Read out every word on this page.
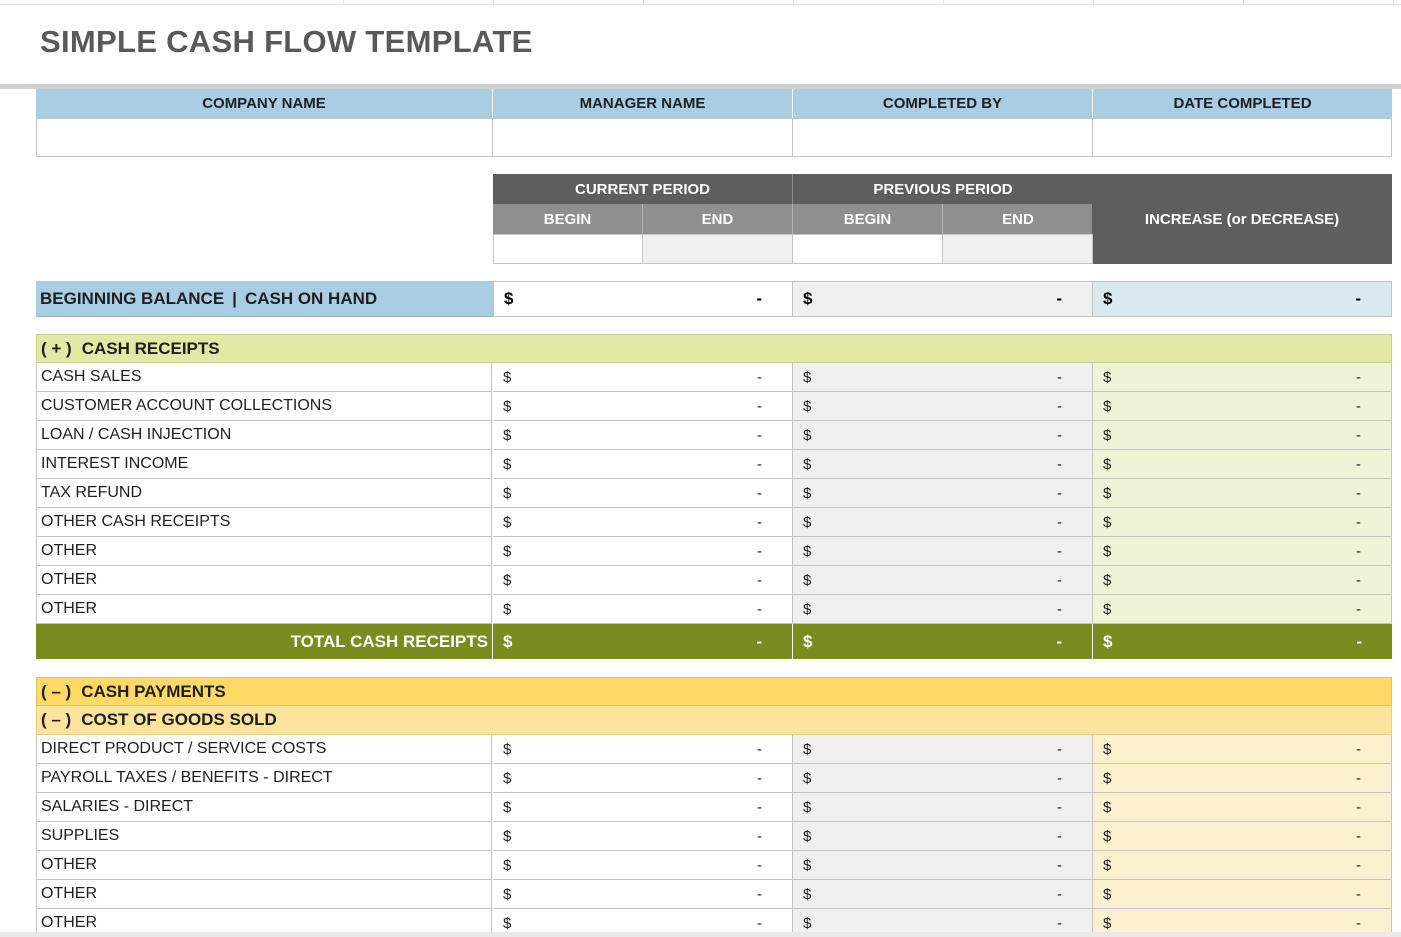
SIMPLE CASH FLOW TEMPLATE
COMPANY NAME	MANAGER NAME	COMPLETED BY	DATE COMPLETED
CURRENT PERIOD	PREVIOUS PERIOD
BEGIN	END	BEGIN	END	INCREASE (or DECREASE)
BEGINNING BALANCE | CASH ON HAND	$	- $	- $	-
( + ) CASH RECEIPTS
CASH SALES	$	-	$	-	$	-
CUSTOMER ACCOUNT COLLECTIONS	$	-	$	-	$	-
LOAN / CASH INJECTION	$	-	$	-	$	-
INTEREST INCOME	$	-	$	-	$	-
TAX REFUND	$	-	$	-	$	-
OTHER CASH RECEIPTS	$	-	$	-	$	-
OTHER	$	-	$	-	$	-
OTHER	$	-	$	-	$	-
OTHER	$	-	$	-	$	-
TOTAL CASH RECEIPTS $	- $	- $	-
( – ) CASH PAYMENTS
( – ) COST OF GOODS SOLD
DIRECT PRODUCT / SERVICE COSTS	$	-	$	-	$	-
PAYROLL TAXES / BENEFITS - DIRECT	$	-	$	-	$	-
SALARIES - DIRECT	$	-	$	-	$	-
SUPPLIES	$	-	$	-	$	-
OTHER	$	-	$	-	$	-
OTHER	$	-	$	-	$	-
OTHER	$	-	$	-	$	-
